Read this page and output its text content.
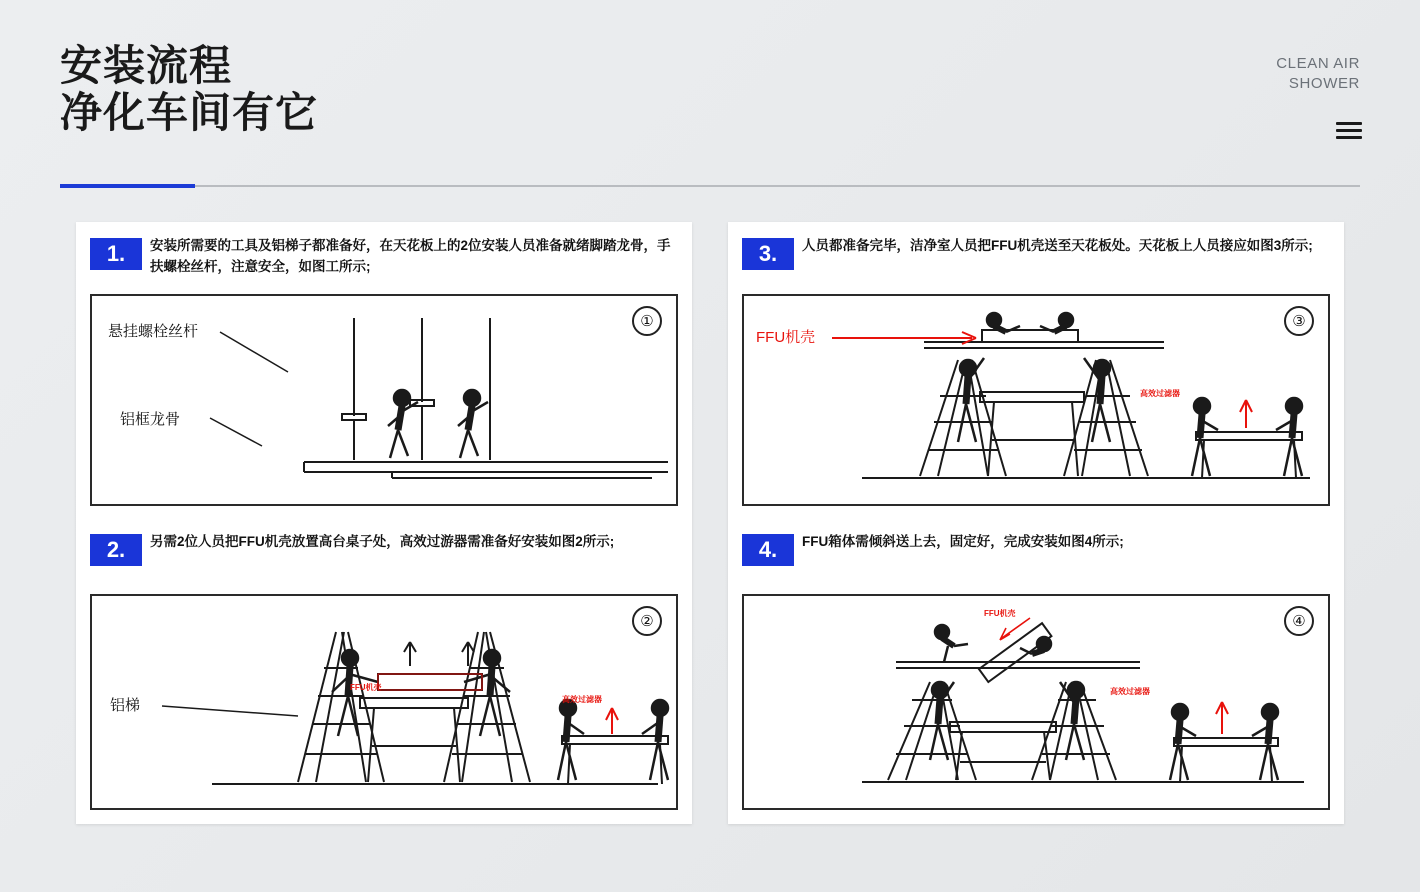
安装流程
净化车间有它
CLEAN AIR
SHOWER
1.	安装所需要的工具及铝梯子都准备好，在天花板上的2位安装人员准备就绪脚踏龙骨，手扶螺栓丝杆，注意安全，如图工所示;
悬挂螺栓丝杆
铝框龙骨
①
2.	另需2位人员把FFU机壳放置高台桌子处，高效过游器需准备好安装如图2所示;
铝梯
FFU机壳
高效过滤器
②
3.	人员都准备完毕，洁净室人员把FFU机壳送至天花板处。天花板上人员接应如图3所示;
FFU机壳
高效过滤器
③
4.	FFU箱体需倾斜送上去，固定好，完成安装如图4所示;
FFU机壳
高效过滤器
④
